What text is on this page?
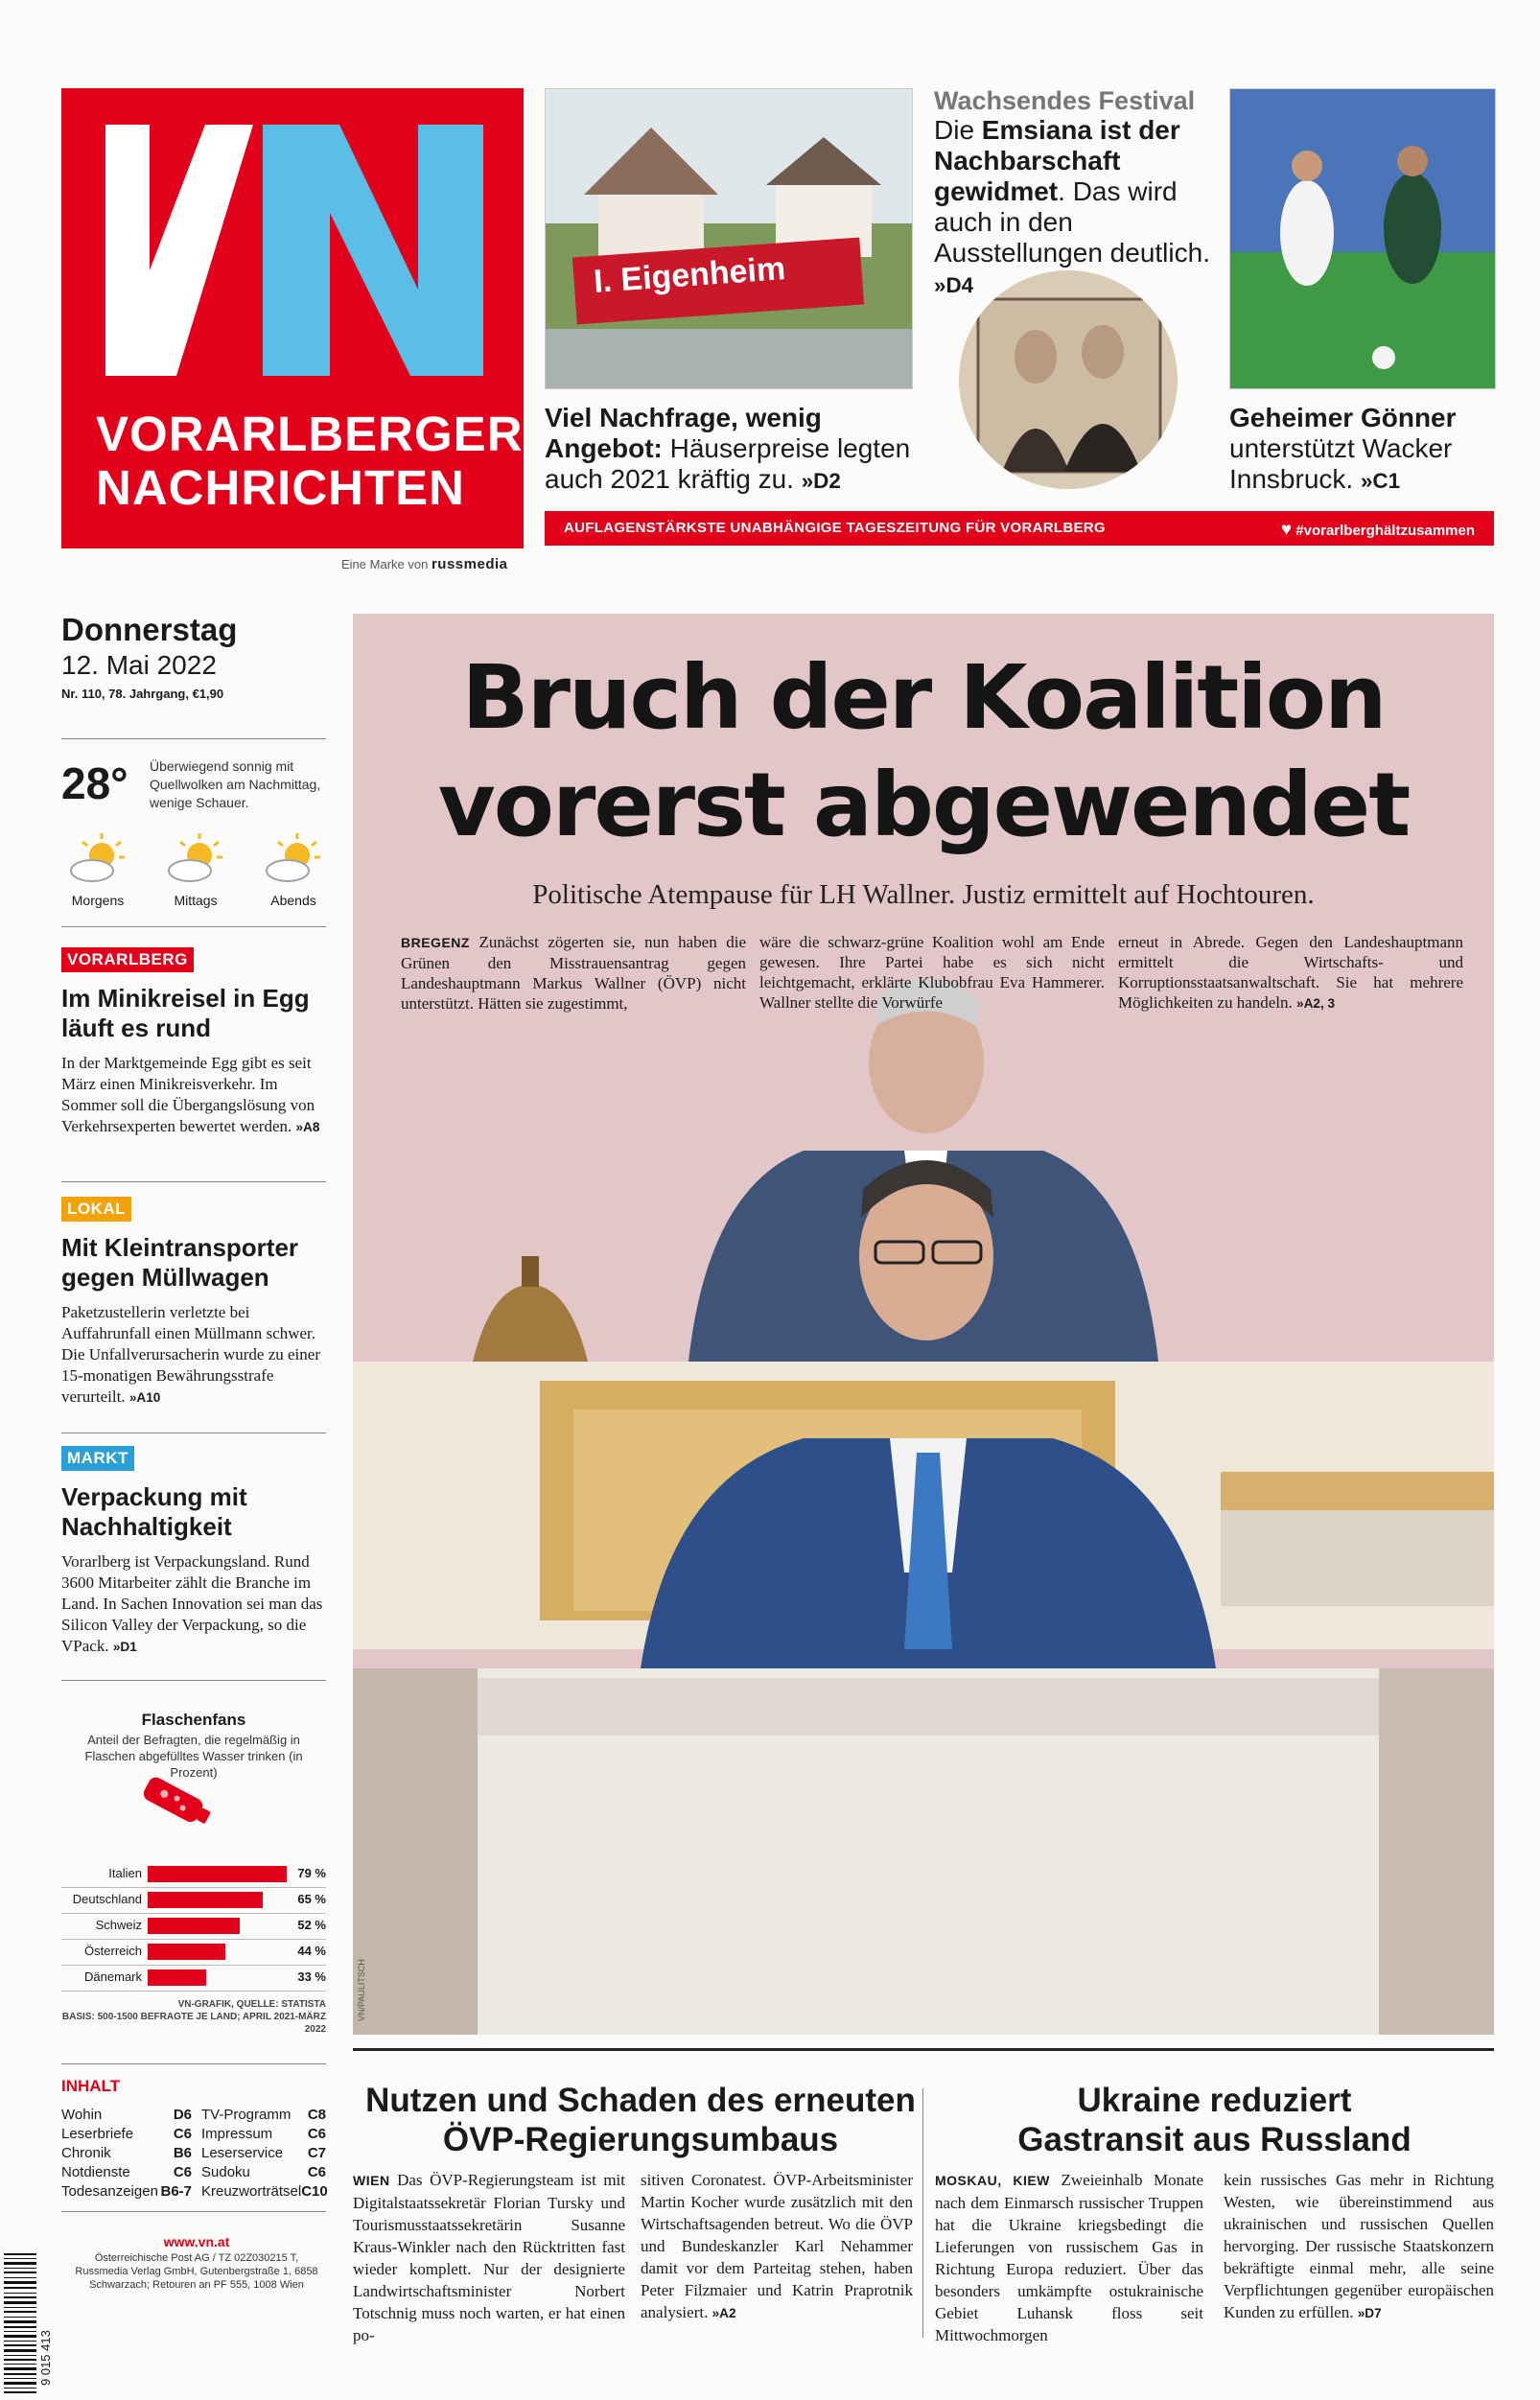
VORARLBERGER
NACHRICHTEN
Eine Marke von russmedia
I. Eigenheim
Viel Nachfrage, wenig Angebot: Häuserpreise legten auch 2021 kräftig zu. »D2
Wachsendes Festival
Die Emsiana ist der Nachbarschaft gewidmet. Das wird auch in den Ausstellungen deutlich. »D4
Geheimer Gönner unterstützt Wacker Innsbruck. »C1
AUFLAGENSTÄRKSTE UNABHÄNGIGE TAGESZEITUNG FÜR VORARLBERG	♥ #vorarlberghältzusammen
Donnerstag
12. Mai 2022
Nr. 110, 78. Jahrgang, €1,90
28° Überwiegend sonnig mit Quellwolken am Nachmittag, wenige Schauer.
Morgens	Mittags	Abends
VORARLBERG
Im Minikreisel in Egg läuft es rund
In der Marktgemeinde Egg gibt es seit März einen Minikreisverkehr. Im Sommer soll die Übergangslösung von Verkehrsexperten bewertet werden. »A8
LOKAL
Mit Kleintransporter gegen Müllwagen
Paketzustellerin verletzte bei Auffahrunfall einen Müllmann schwer. Die Unfallverursacherin wurde zu einer 15-monatigen Bewährungsstrafe verurteilt. »A10
MARKT
Verpackung mit Nachhaltigkeit
Vorarlberg ist Verpackungsland. Rund 3600 Mitarbeiter zählt die Branche im Land. In Sachen Innovation sei man das Silicon Valley der Verpackung, so die VPack. »D1
Flaschenfans
Anteil der Befragten, die regelmäßig in Flaschen abgefülltes Wasser trinken (in Prozent)
Italien	79 %
Deutschland	65 %
Schweiz	52 %
Österreich	44 %
Dänemark	33 %
VN-GRAFIK, QUELLE: STATISTA
BASIS: 500-1500 BEFRAGTE JE LAND; APRIL 2021-MÄRZ 2022
INHALT
Wohin	D6
Leserbriefe	C6
Chronik	B6
Notdienste	C6
Todesanzeigen B6-7
TV-Programm C8
Impressum C6
Leserservice C7
Sudoku	C6
Kreuzworträtsel C10
9 015 413
www.vn.at
Österreichische Post AG / TZ 02Z030215 T, Russmedia Verlag GmbH, Gutenbergstraße 1, 6858 Schwarzach; Retouren an PF 555, 1008 Wien
Bruch der Koalition
vorerst abgewendet
Politische Atempause für LH Wallner. Justiz ermittelt auf Hochtouren.
BREGENZ Zunächst zögerten sie, nun haben die Grünen den Misstrauensantrag gegen Landeshauptmann Markus Wallner (ÖVP) nicht unterstützt. Hätten sie zugestimmt,
wäre die schwarz-grüne Koalition wohl am Ende gewesen. Ihre Partei habe es sich nicht leichtgemacht, erklärte Klubobfrau Eva Hammerer. Wallner stellte die Vorwürfe
erneut in Abrede. Gegen den Landeshauptmann ermittelt die Wirtschafts- und Korruptionsstaatsanwaltschaft. Sie hat mehrere Möglichkeiten zu handeln. »A2, 3
VN/PAULITSCH
Nutzen und Schaden des erneuten
ÖVP-Regierungsumbaus
WIEN Das ÖVP-Regierungsteam ist mit Digitalstaatssekretär Florian Tursky und Tourismusstaatssekretärin Susanne Kraus-Winkler nach den Rücktritten fast wieder komplett. Nur der designierte Landwirtschaftsminister Norbert Totschnig muss noch warten, er hat einen po-
sitiven Coronatest. ÖVP-Arbeitsminister Martin Kocher wurde zusätzlich mit den Wirtschaftsagenden betreut. Wo die ÖVP und Bundeskanzler Karl Nehammer damit vor dem Parteitag stehen, haben Peter Filzmaier und Katrin Praprotnik analysiert. »A2
Ukraine reduziert
Gastransit aus Russland
MOSKAU, KIEW Zweieinhalb Monate nach dem Einmarsch russischer Truppen hat die Ukraine kriegsbedingt die Lieferungen von russischem Gas in Richtung Europa reduziert. Über das besonders umkämpfte ostukrainische Gebiet Luhansk floss seit Mittwochmorgen
kein russisches Gas mehr in Richtung Westen, wie übereinstimmend aus ukrainischen und russischen Quellen hervorging. Der russische Staatskonzern bekräftigte einmal mehr, alle seine Verpflichtungen gegenüber europäischen Kunden zu erfüllen. »D7
